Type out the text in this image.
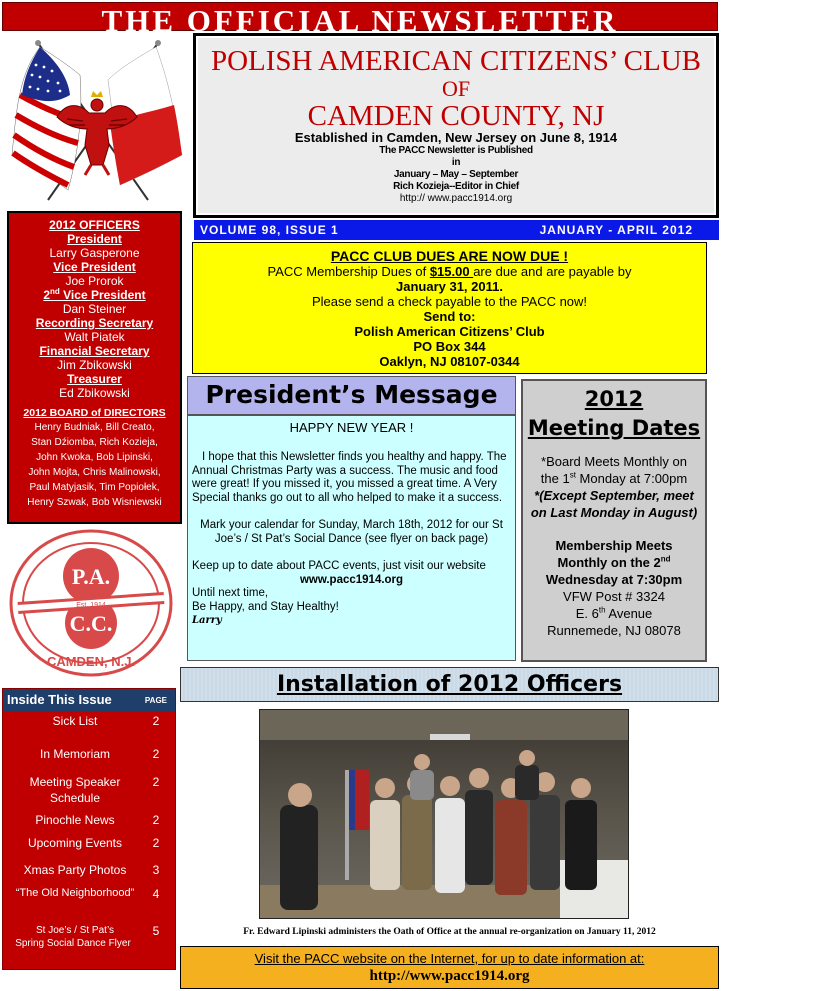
THE OFFICIAL NEWSLETTER
POLISH AMERICAN CITIZENS’ CLUB
OF
CAMDEN COUNTY, NJ
Established in Camden, New Jersey on June 8, 1914
The PACC Newsletter is Published
in
January – May – September
Rich Kozieja--Editor in Chief
http:// www.pacc1914.org
VOLUME 98, ISSUE 1	JANUARY - APRIL 2012
2012 OFFICERS
President
Larry Gasperone
Vice President
Joe Prorok
2nd Vice President
Dan Steiner
Recording Secretary
Walt Piatek
Financial Secretary
Jim Zbikowski
Treasurer
Ed Zbikowski
2012 BOARD of DIRECTORS
Henry Budniak, Bill Creato,
Stan Dźiomba, Rich Kozieja,
John Kwoka, Bob Lipinski,
John Mojta, Chris Malinowski,
Paul Matyjasik, Tim Popiołek,
Henry Szwak, Bob Wisniewski
P.A.
Est. 1914
C.C.
CAMDEN, N.J.
Inside This Issue	PAGE
Sick List	2
In Memoriam	2
Meeting Speaker
Schedule
2
Pinochle News	2
Upcoming Events	2
Xmas Party Photos	3
“The Old Neighborhood”	4
St Joe’s / St Pat’s
Spring Social Dance Flyer
5
PACC CLUB DUES ARE NOW DUE !
PACC Membership Dues of $15.00 are due and are payable by
January 31, 2011.
Please send a check payable to the PACC now!
Send to:
Polish American Citizens’ Club
PO Box 344
Oaklyn, NJ 08107-0344
President’s Message
HAPPY NEW YEAR !
I hope that this Newsletter finds you healthy and happy. The Annual Christmas Party was a success. The music and food were great! If you missed it, you missed a great time. A Very Special thanks go out to all who helped to make it a success.
Mark your calendar for Sunday, March 18th, 2012 for our St Joe’s / St Pat’s Social Dance (see flyer on back page)
Keep up to date about PACC events, just visit our website
www.pacc1914.org
Until next time,
Be Happy, and Stay Healthy!
Larry
2012
Meeting Dates
*Board Meets Monthly on
the 1st Monday at 7:00pm
*(Except September, meet
on Last Monday in August)
Membership Meets
Monthly on the 2nd
Wednesday at 7:30pm
VFW Post # 3324
E. 6th Avenue
Runnemede, NJ 08078
Installation of 2012 Officers
Fr. Edward Lipinski administers the Oath of Office at the annual re-organization on January 11, 2012
Visit the PACC website on the Internet, for up to date information at:
http://www.pacc1914.org
